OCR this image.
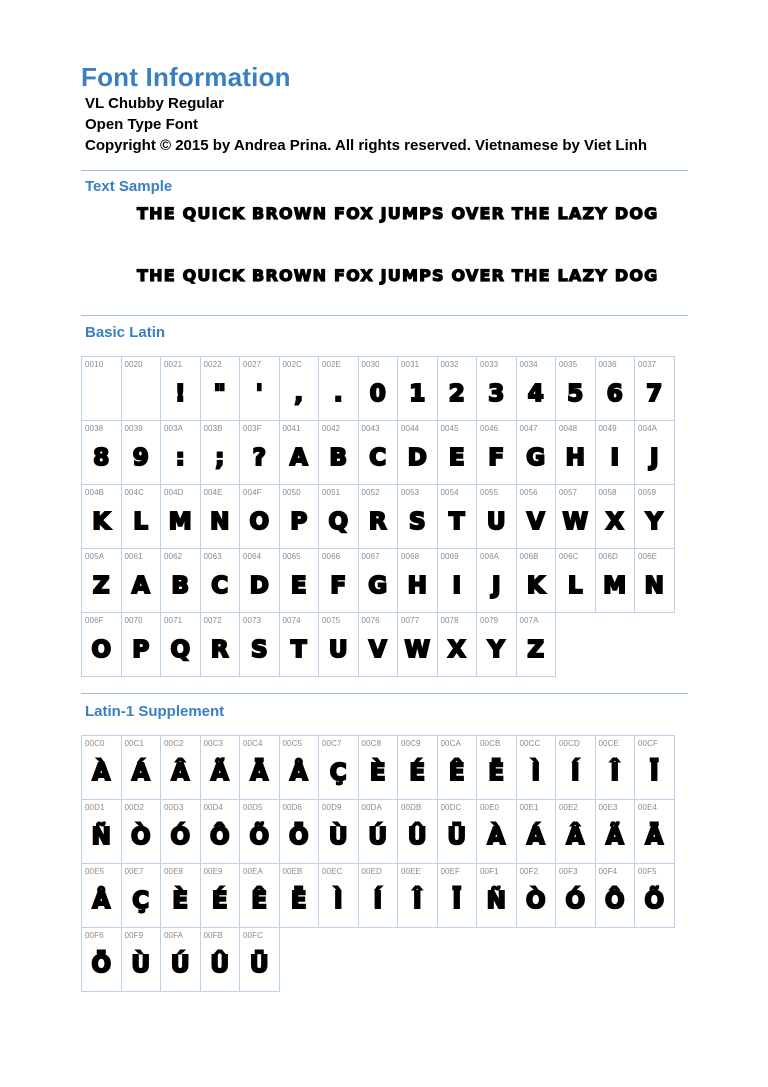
Font Information
VL Chubby Regular
Open Type Font
Copyright © 2015 by Andrea Prina. All rights reserved. Vietnamese by Viet Linh
Text Sample
THE QUICK BROWN FOX JUMPS OVER THE LAZY DOG
THE QUICK BROWN FOX JUMPS OVER THE LAZY DOG
Basic Latin
0010	0020	0021
!
0022
"
0027
'
002C
,
002E
.
0030
0
0031
1
0032
2
0033
3
0034
4
0035
5
0036
6
0037
7
0038
8
0039
9
003A
:
003B
;
003F
?
0041
A
0042
B
0043
C
0044
D
0045
E
0046
F
0047
G
0048
H
0049
I
004A
J
004B
K
004C
L
004D
M
004E
N
004F
O
0050
P
0051
Q
0052
R
0053
S
0054
T
0055
U
0056
V
0057
W
0058
X
0059
Y
005A
Z
0061
A
0062
B
0063
C
0064
D
0065
E
0066
F
0067
G
0068
H
0069
I
006A
J
006B
K
006C
L
006D
M
006E
N
006F
O
0070
P
0071
Q
0072
R
0073
S
0074
T
0075
U
0076
V
0077
W
0078
X
0079
Y
007A
Z
Latin-1 Supplement
00C0
À
00C1
Á
00C2
Â
00C3
Ã
00C4
Ä
00C5
Å
00C7
Ç
00C8
È
00C9
É
00CA
Ê
00CB
Ë
00CC
Ì
00CD
Í
00CE
Î
00CF
Ï
00D1
Ñ
00D2
Ò
00D3
Ó
00D4
Ô
00D5
Õ
00D6
Ö
00D9
Ù
00DA
Ú
00DB
Û
00DC
Ü
00E0
À
00E1
Á
00E2
Â
00E3
Ã
00E4
Ä
00E5
Å
00E7
Ç
00E8
È
00E9
É
00EA
Ê
00EB
Ë
00EC
Ì
00ED
Í
00EE
Î
00EF
Ï
00F1
Ñ
00F2
Ò
00F3
Ó
00F4
Ô
00F5
Õ
00F6
Ö
00F9
Ù
00FA
Ú
00FB
Û
00FC
Ü
